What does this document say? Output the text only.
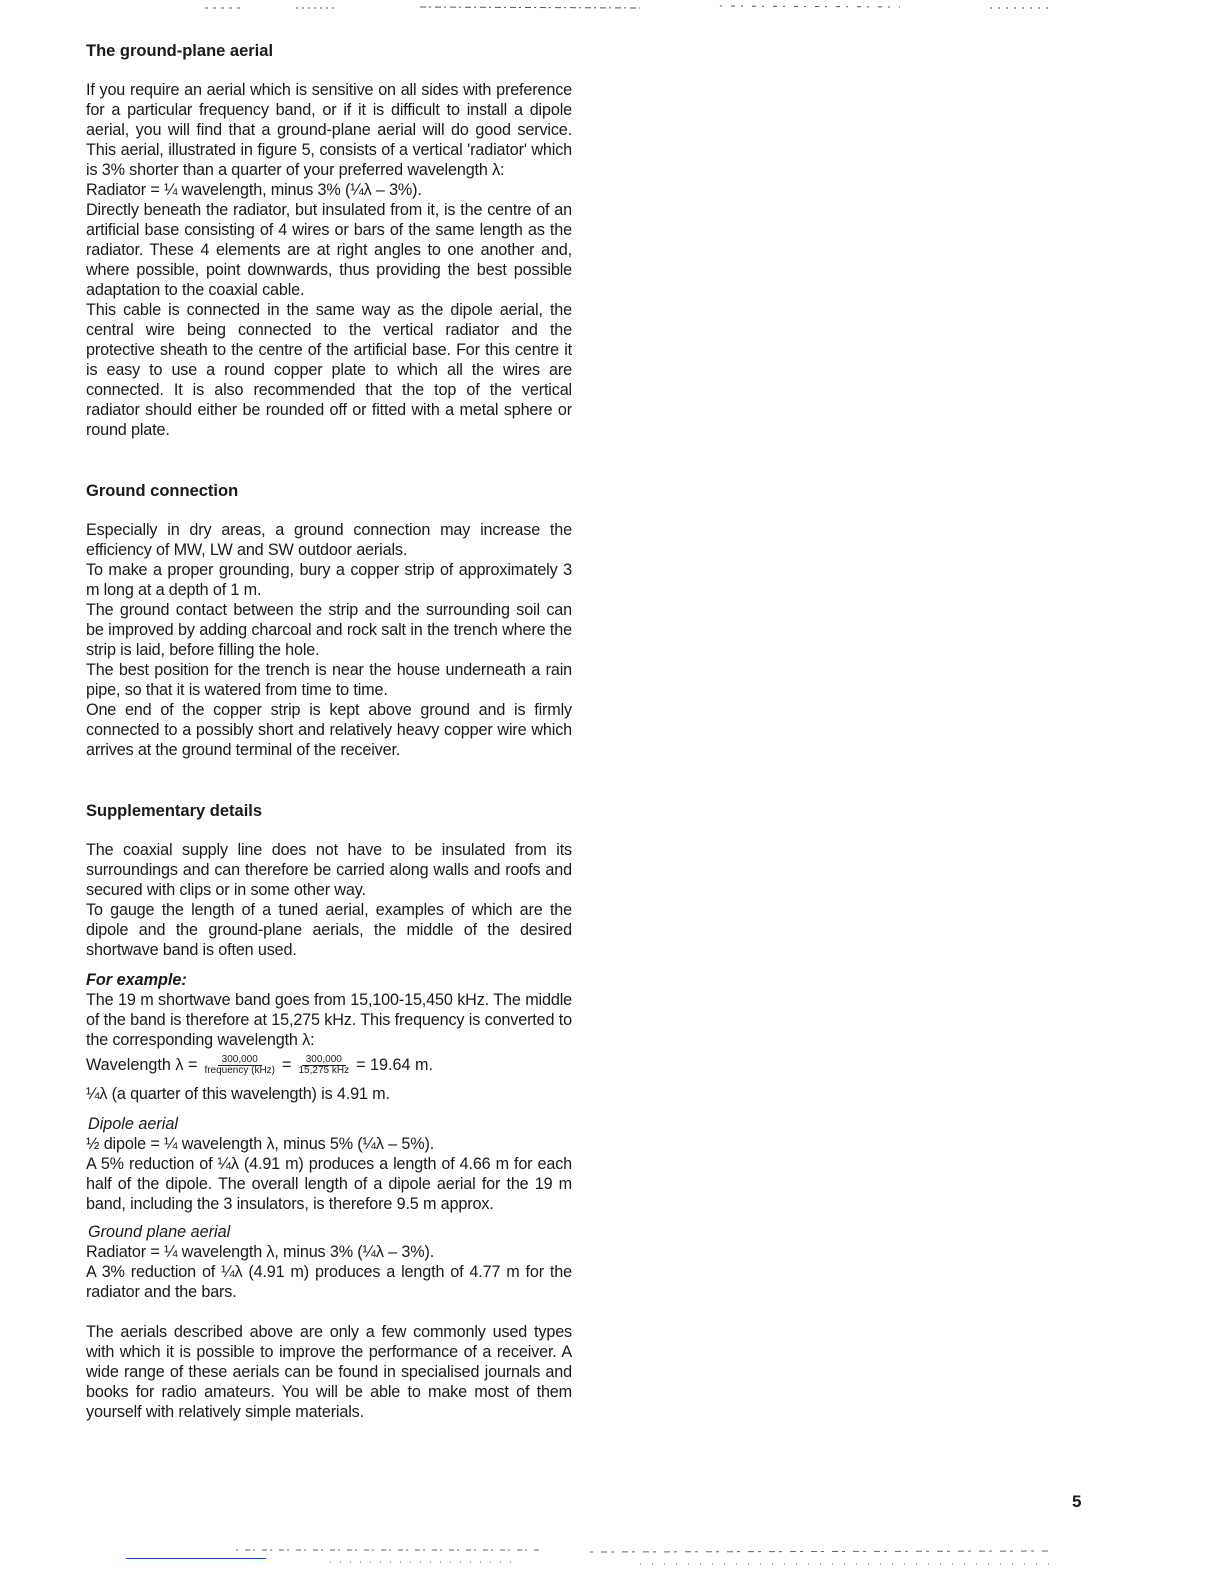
The ground-plane aerial

If you require an aerial which is sensitive on all sides with preference for a particular frequency band, or if it is difficult to install a dipole aerial, you will find that a ground-plane aerial will do good service. This aerial, illustrated in figure 5, consists of a vertical 'radiator' which is 3% shorter than a quarter of your preferred wavelength λ:

Radiator = ¼ wavelength, minus 3% (¼λ – 3%).

Directly beneath the radiator, but insulated from it, is the centre of an artificial base consisting of 4 wires or bars of the same length as the radiator. These 4 elements are at right angles to one another and, where possible, point downwards, thus providing the best possible adaptation to the coaxial cable.

This cable is connected in the same way as the dipole aerial, the central wire being connected to the vertical radiator and the protective sheath to the centre of the artificial base. For this centre it is easy to use a round copper plate to which all the wires are connected. It is also recommended that the top of the vertical radiator should either be rounded off or fitted with a metal sphere or round plate.

Ground connection

Especially in dry areas, a ground connection may increase the efficiency of MW, LW and SW outdoor aerials.

To make a proper grounding, bury a copper strip of approximately 3 m long at a depth of 1 m.

The ground contact between the strip and the surrounding soil can be improved by adding charcoal and rock salt in the trench where the strip is laid, before filling the hole.

The best position for the trench is near the house underneath a rain pipe, so that it is watered from time to time.

One end of the copper strip is kept above ground and is firmly connected to a possibly short and relatively heavy copper wire which arrives at the ground terminal of the receiver.

Supplementary details

The coaxial supply line does not have to be insulated from its surroundings and can therefore be carried along walls and roofs and secured with clips or in some other way.

To gauge the length of a tuned aerial, examples of which are the dipole and the ground-plane aerials, the middle of the desired shortwave band is often used.

For example:

The 19 m shortwave band goes from 15,100-15,450 kHz. The middle of the band is therefore at 15,275 kHz. This frequency is converted to the corresponding wavelength λ:

Wavelength $\lambda = \frac{300,000}{\text{frequency (kHz)}} = \frac{300,000}{\text{15,275 kHz}} = 19.64$ m.

¼λ (a quarter of this wavelength) is 4.91 m.

Dipole aerial

½ dipole = ¼ wavelength λ, minus 5% (¼λ – 5%).

A 5% reduction of ¼λ (4.91 m) produces a length of 4.66 m for each half of the dipole. The overall length of a dipole aerial for the 19 m band, including the 3 insulators, is therefore 9.5 m approx.

Ground plane aerial

Radiator = ¼ wavelength λ, minus 3% (¼λ – 3%).

A 3% reduction of ¼λ (4.91 m) produces a length of 4.77 m for the radiator and the bars.

The aerials described above are only a few commonly used types with which it is possible to improve the performance of a receiver. A wide range of these aerials can be found in specialised journals and books for radio amateurs. You will be able to make most of them yourself with relatively simple materials.

5
